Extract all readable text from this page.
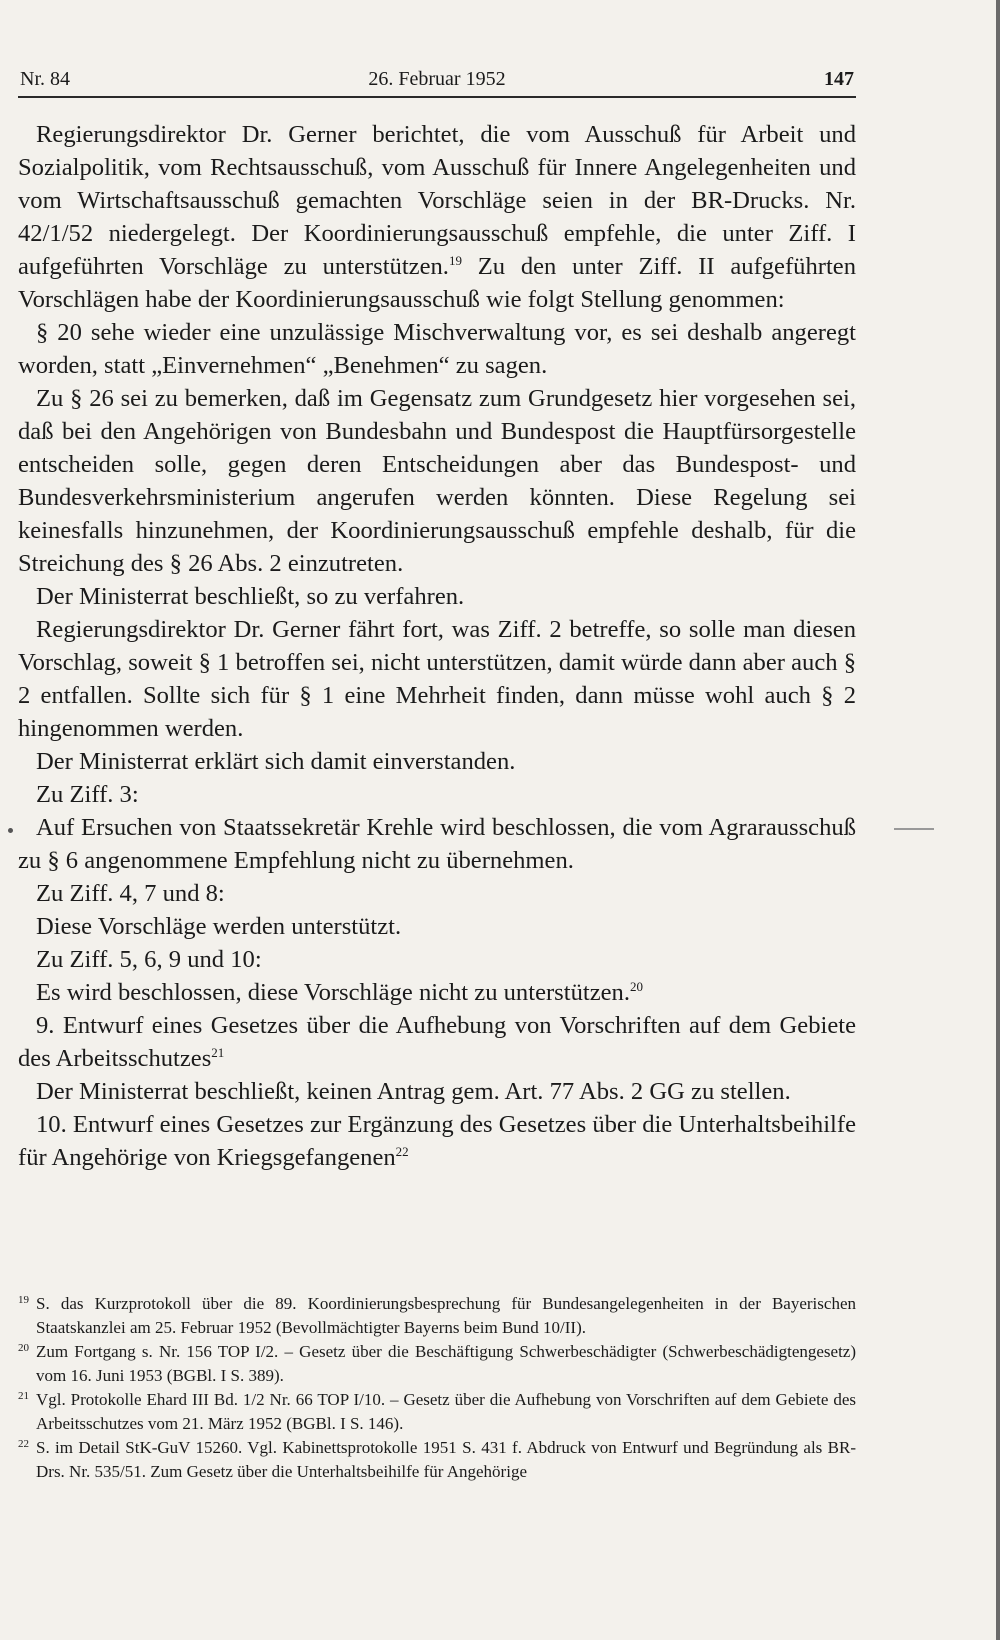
Nr. 84	26. Februar 1952	147

Regierungsdirektor Dr. Gerner berichtet, die vom Ausschuß für Arbeit und Sozialpolitik, vom Rechtsausschuß, vom Ausschuß für Innere Angelegenheiten und vom Wirtschaftsausschuß gemachten Vorschläge seien in der BR-Drucks. Nr. 42/1/52 niedergelegt. Der Koordinierungsausschuß empfehle, die unter Ziff. I aufgeführten Vorschläge zu unterstützen.$^{19}$ Zu den unter Ziff. II aufgeführten Vorschlägen habe der Koordinierungsausschuß wie folgt Stellung genommen:

§ 20 sehe wieder eine unzulässige Mischverwaltung vor, es sei deshalb angeregt worden, statt „Einvernehmen“ „Benehmen“ zu sagen.

Zu § 26 sei zu bemerken, daß im Gegensatz zum Grundgesetz hier vorgesehen sei, daß bei den Angehörigen von Bundesbahn und Bundespost die Hauptfürsorgestelle entscheiden solle, gegen deren Entscheidungen aber das Bundespost- und Bundesverkehrsministerium angerufen werden könnten. Diese Regelung sei keinesfalls hinzunehmen, der Koordinierungsausschuß empfehle deshalb, für die Streichung des § 26 Abs. 2 einzutreten.

Der Ministerrat beschließt, so zu verfahren.

Regierungsdirektor Dr. Gerner fährt fort, was Ziff. 2 betreffe, so solle man diesen Vorschlag, soweit § 1 betroffen sei, nicht unterstützen, damit würde dann aber auch § 2 entfallen. Sollte sich für § 1 eine Mehrheit finden, dann müsse wohl auch § 2 hingenommen werden.

Der Ministerrat erklärt sich damit einverstanden.

Zu Ziff. 3:

Auf Ersuchen von Staatssekretär Krehle wird beschlossen, die vom Agrarausschuß zu § 6 angenommene Empfehlung nicht zu übernehmen.

Zu Ziff. 4, 7 und 8:

Diese Vorschläge werden unterstützt.

Zu Ziff. 5, 6, 9 und 10:

Es wird beschlossen, diese Vorschläge nicht zu unterstützen.$^{20}$

9. Entwurf eines Gesetzes über die Aufhebung von Vorschriften auf dem Gebiete des Arbeitsschutzes$^{21}$

Der Ministerrat beschließt, keinen Antrag gem. Art. 77 Abs. 2 GG zu stellen.

10. Entwurf eines Gesetzes zur Ergänzung des Gesetzes über die Unterhaltsbeihilfe für Angehörige von Kriegsgefangenen$^{22}$

19 S. das Kurzprotokoll über die 89. Koordinierungsbesprechung für Bundesangelegenheiten in der Bayerischen Staatskanzlei am 25. Februar 1952 (Bevollmächtigter Bayerns beim Bund 10/II).

20 Zum Fortgang s. Nr. 156 TOP I/2. – Gesetz über die Beschäftigung Schwerbeschädigter (Schwerbeschädigtengesetz) vom 16. Juni 1953 (BGBl. I S. 389).

21 Vgl. Protokolle Ehard III Bd. 1/2 Nr. 66 TOP I/10. – Gesetz über die Aufhebung von Vorschriften auf dem Gebiete des Arbeitsschutzes vom 21. März 1952 (BGBl. I S. 146).

22 S. im Detail StK-GuV 15260. Vgl. Kabinettsprotokolle 1951 S. 431 f. Abdruck von Entwurf und Begründung als BR-Drs. Nr. 535/51. Zum Gesetz über die Unterhaltsbeihilfe für Angehörige
